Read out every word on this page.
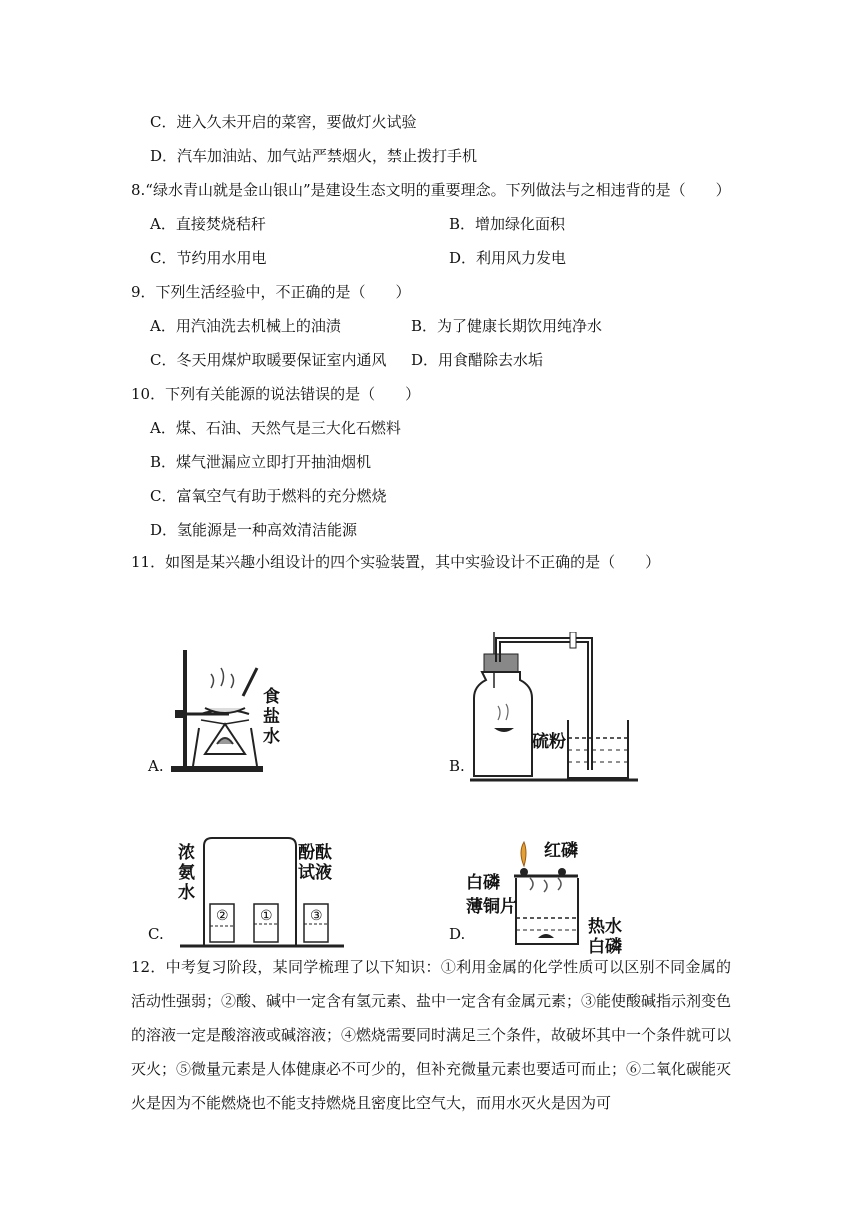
C．进入久未开启的菜窖，要做灯火试验
D．汽车加油站、加气站严禁烟火，禁止拨打手机
8.“绿水青山就是金山银山”是建设生态文明的重要理念。下列做法与之相违背的是（　　）
A．直接焚烧秸秆	B．增加绿化面积
C．节约用水用电	D．利用风力发电
9．下列生活经验中，不正确的是（　　）
A．用汽油洗去机械上的油渍	B．为了健康长期饮用纯净水
C．冬天用煤炉取暖要保证室内通风 D．用食醋除去水垢
10．下列有关能源的说法错误的是（　　）
A．煤、石油、天然气是三大化石燃料
B．煤气泄漏应立即打开抽油烟机
C．富氧空气有助于燃料的充分燃烧
D．氢能源是一种高效清洁能源
11．如图是某兴趣小组设计的四个实验装置，其中实验设计不正确的是（　　）
A.
食
盐
水
B.
硫粉
C.
浓
氨
水
酚酞
试液
② ①	③
D.
红磷
白磷
薄铜片
热水
白磷
12．中考复习阶段，某同学梳理了以下知识：①利用金属的化学性质可以区别不同金属的活动性强弱；②酸、碱中一定含有氢元素、盐中一定含有金属元素；③能使酸碱指示剂变色的溶液一定是酸溶液或碱溶液；④燃烧需要同时满足三个条件，故破坏其中一个条件就可以灭火；⑤微量元素是人体健康必不可少的，但补充微量元素也要适可而止；⑥二氧化碳能灭火是因为不能燃烧也不能支持燃烧且密度比空气大，而用水灭火是因为可
